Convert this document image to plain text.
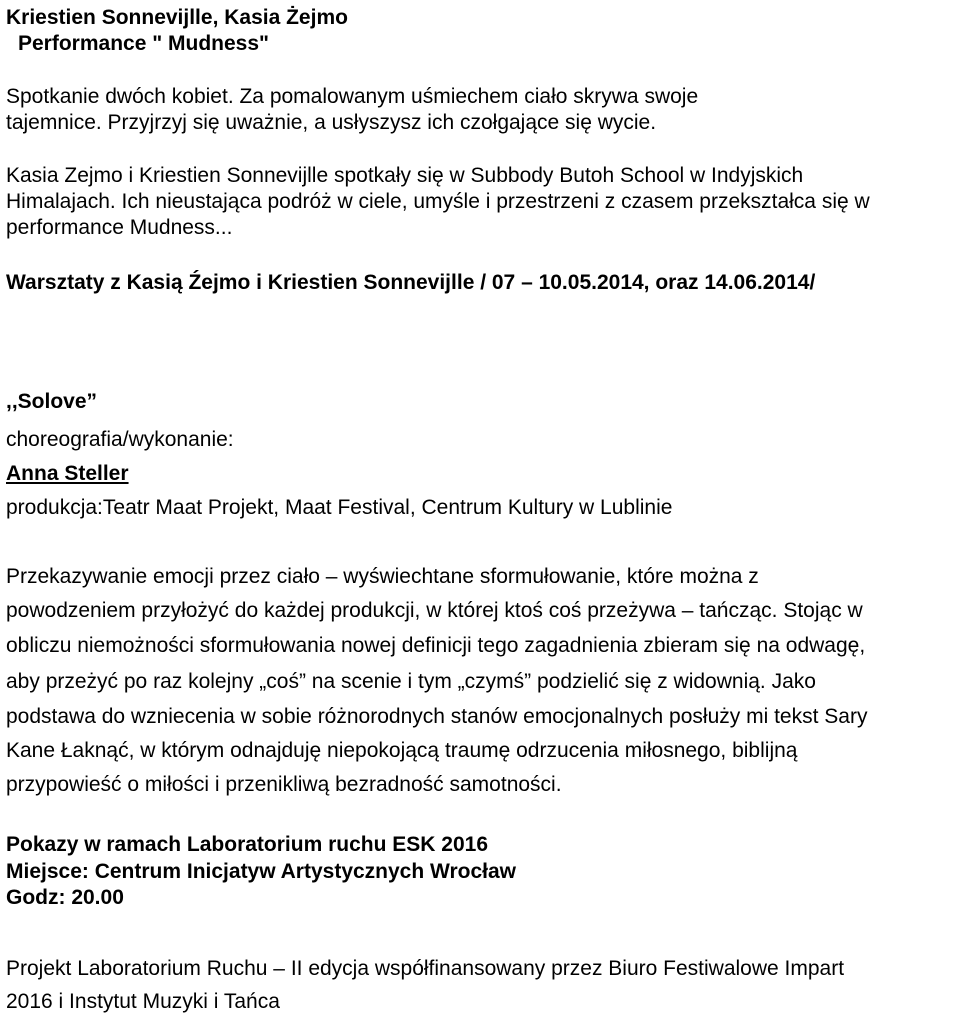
Kriestien Sonnevijlle, Kasia Żejmo
Performance " Mudness"
Spotkanie dwóch kobiet. Za pomalowanym uśmiechem ciało skrywa swoje
tajemnice. Przyjrzyj się uważnie, a usłyszysz ich czołgające się wycie.
Kasia Zejmo i Kriestien Sonnevijlle spotkały się w Subbody Butoh School w Indyjskich
Himalajach. Ich nieustająca podróż w ciele, umyśle i przestrzeni z czasem przekształca się w
performance Mudness...
Warsztaty z Kasią Źejmo i Kriestien Sonnevijlle / 07 – 10.05.2014, oraz 14.06.2014/
,,Solove”
choreografia/wykonanie:
Anna Steller
produkcja:Teatr Maat Projekt, Maat Festival, Centrum Kultury w Lublinie
Przekazywanie emocji przez ciało – wyświechtane sformułowanie, które można z
powodzeniem przyłożyć do każdej produkcji, w której ktoś coś przeżywa – tańcząc. Stojąc w
obliczu niemożności sformułowania nowej definicji tego zagadnienia zbieram się na odwagę,
aby przeżyć po raz kolejny „coś” na scenie i tym „czymś” podzielić się z widownią. Jako
podstawa do wzniecenia w sobie różnorodnych stanów emocjonalnych posłuży mi tekst Sary
Kane Łaknąć, w którym odnajduję niepokojącą traumę odrzucenia miłosnego, biblijną
przypowieść o miłości i przenikliwą bezradność samotności.
Pokazy w ramach Laboratorium ruchu ESK 2016
Miejsce: Centrum Inicjatyw Artystycznych Wrocław
Godz: 20.00
Projekt Laboratorium Ruchu – II edycja współfinansowany przez Biuro Festiwalowe Impart
2016 i Instytut Muzyki i Tańca
